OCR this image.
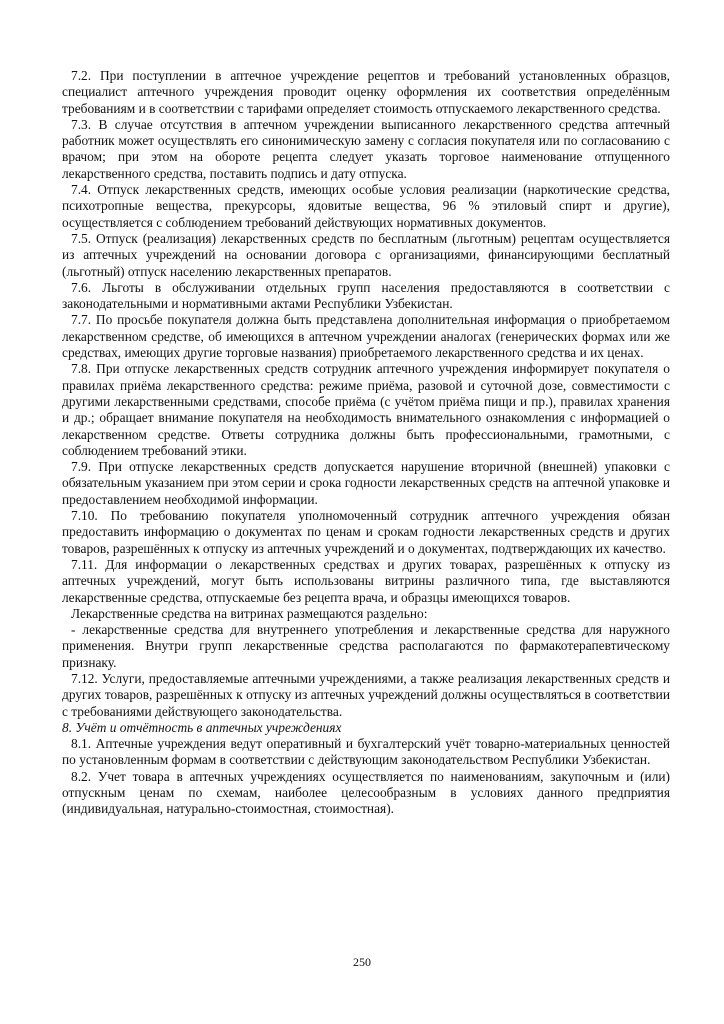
7.2. При поступлении в аптечное учреждение рецептов и требований установленных образцов, специалист аптечного учреждения проводит оценку оформления их соответствия определённым требованиям и в соответствии с тарифами определяет стоимость отпускаемого лекарственного средства.

7.3. В случае отсутствия в аптечном учреждении выписанного лекарственного средства аптечный работник может осуществлять его синонимическую замену с согласия покупателя или по согласованию с врачом; при этом на обороте рецепта следует указать торговое наименование отпущенного лекарственного средства, поставить подпись и дату отпуска.

7.4. Отпуск лекарственных средств, имеющих особые условия реализации (наркотические средства, психотропные вещества, прекурсоры, ядовитые вещества, 96 % этиловый спирт и другие), осуществляется с соблюдением требований действующих нормативных документов.

7.5. Отпуск (реализация) лекарственных средств по бесплатным (льготным) рецептам осуществляется из аптечных учреждений на основании договора с организациями, финансирующими бесплатный (льготный) отпуск населению лекарственных препаратов.

7.6. Льготы в обслуживании отдельных групп населения предоставляются в соответствии с законодательными и нормативными актами Республики Узбекистан.

7.7. По просьбе покупателя должна быть представлена дополнительная информация о приобретаемом лекарственном средстве, об имеющихся в аптечном учреждении аналогах (генерических формах или же средствах, имеющих другие торговые названия) приобретаемого лекарственного средства и их ценах.

7.8. При отпуске лекарственных средств сотрудник аптечного учреждения информирует покупателя о правилах приёма лекарственного средства: режиме приёма, разовой и суточной дозе, совместимости с другими лекарственными средствами, способе приёма (с учётом приёма пищи и пр.), правилах хранения и др.; обращает внимание покупателя на необходимость внимательного ознакомления с информацией о лекарственном средстве. Ответы сотрудника должны быть профессиональными, грамотными, с соблюдением требований этики.

7.9. При отпуске лекарственных средств допускается нарушение вторичной (внешней) упаковки с обязательным указанием при этом серии и срока годности лекарственных средств на аптечной упаковке и предоставлением необходимой информации.

7.10. По требованию покупателя уполномоченный сотрудник аптечного учреждения обязан предоставить информацию о документах по ценам и срокам годности лекарственных средств и других товаров, разрешённых к отпуску из аптечных учреждений и о документах, подтверждающих их качество.

7.11. Для информации о лекарственных средствах и других товарах, разрешённых к отпуску из аптечных учреждений, могут быть использованы витрины различного типа, где выставляются лекарственные средства, отпускаемые без рецепта врача, и образцы имеющихся товаров.

Лекарственные средства на витринах размещаются раздельно:

- лекарственные средства для внутреннего употребления и лекарственные средства для наружного применения. Внутри групп лекарственные средства располагаются по фармакотерапевтическому признаку.

7.12. Услуги, предоставляемые аптечными учреждениями, а также реализация лекарственных средств и других товаров, разрешённых к отпуску из аптечных учреждений должны осуществляться в соответствии с требованиями действующего законодательства.

8. Учёт и отчётность в аптечных учреждениях

8.1. Аптечные учреждения ведут оперативный и бухгалтерский учёт товарно-материальных ценностей по установленным формам в соответствии с действующим законодательством Республики Узбекистан.

8.2. Учет товара в аптечных учреждениях осуществляется по наименованиям, закупочным и (или) отпускным ценам по схемам, наиболее целесообразным в условиях данного предприятия (индивидуальная, натурально-стоимостная, стоимостная).

250
